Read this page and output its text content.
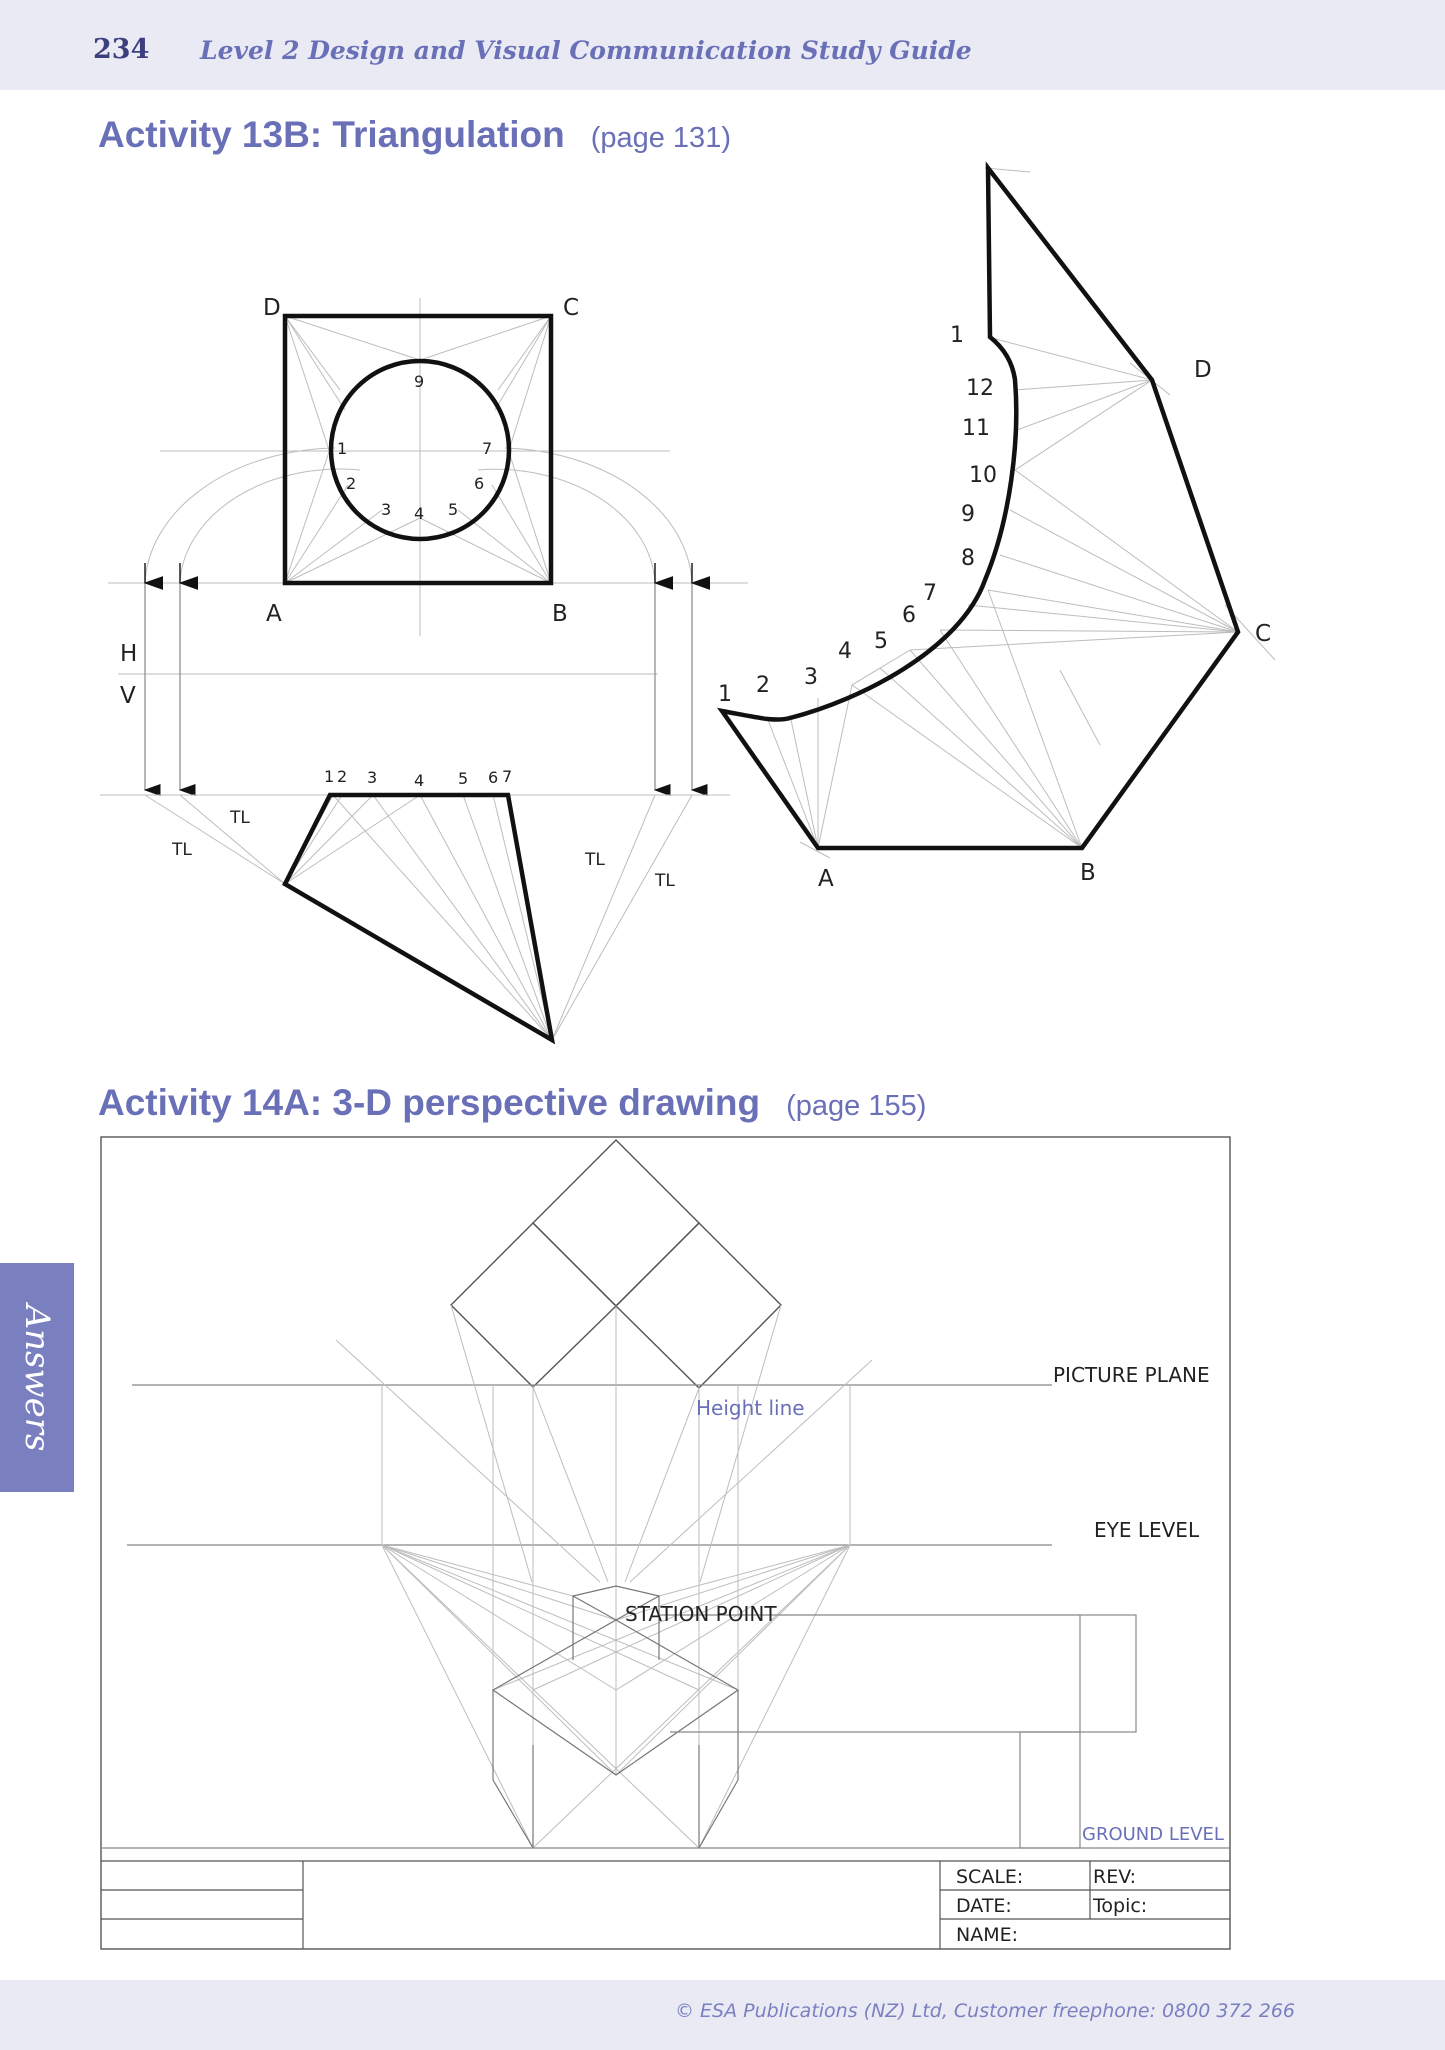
234 Level 2 Design and Visual Communication Study Guide
Activity 13B: Triangulation (page 131)
Activity 14A: 3-D perspective drawing (page 155)
D	C
A	B
1
2
3 4 5
6
7
9
H
V
1 2 3 4 5 6 7
TL
TL	TL
TL
D
C
A	B
1 2 3
4 5
6
7
8
9
10
11
12
1
PICTURE PLANE
Height line
EYE LEVEL
STATION POINT
GROUND LEVEL
SCALE:	REV:
DATE:	Topic:
NAME:
Answers
© ESA Publications (NZ) Ltd, Customer freephone: 0800 372 266
